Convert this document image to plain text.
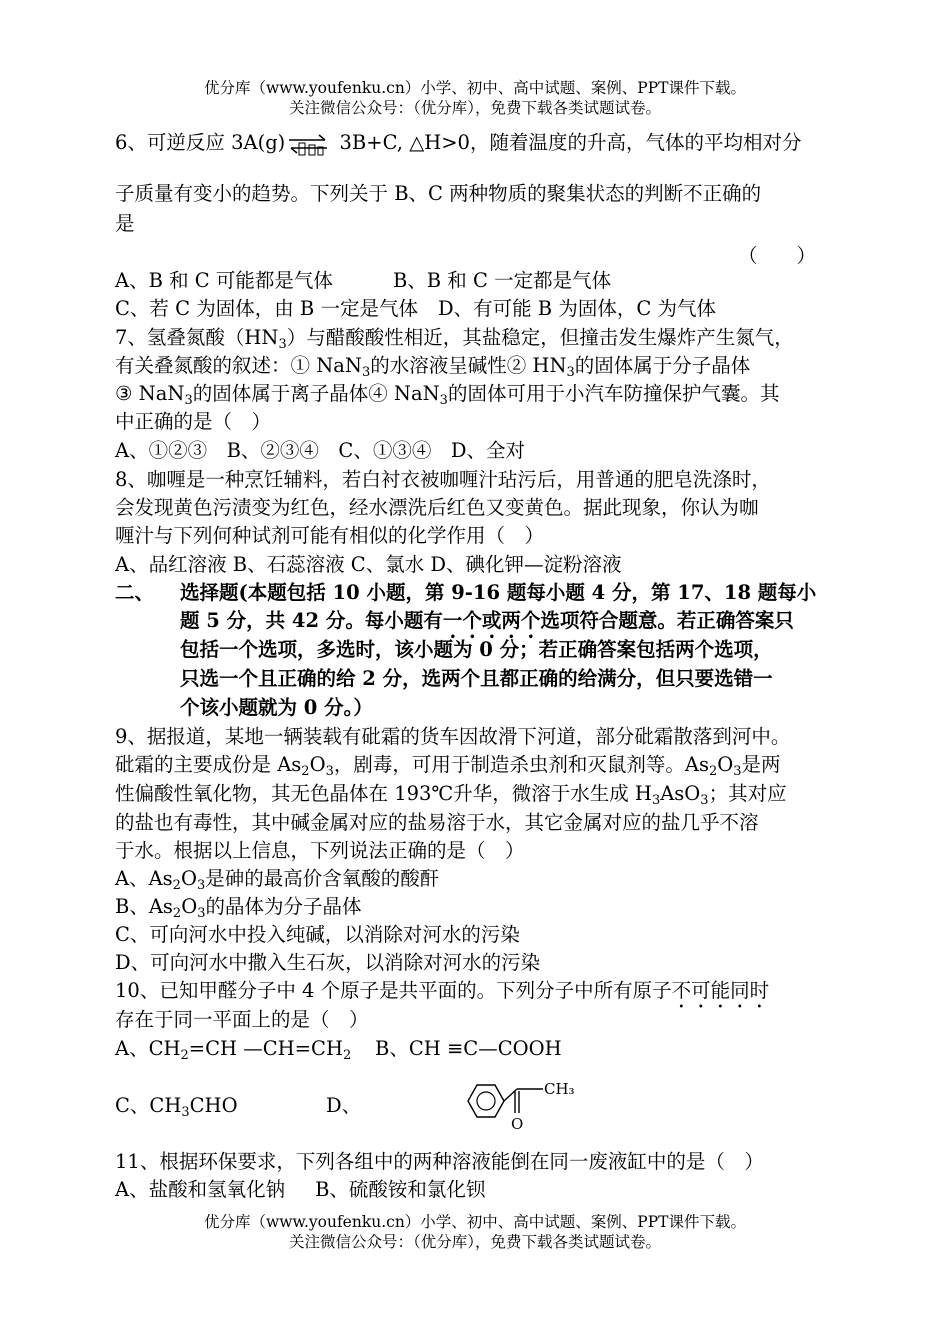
优分库（www.youfenku.cn）小学、初中、高中试题、案例、PPT课件下载。
关注微信公众号：（优分库），免费下载各类试题试卷。
6、可逆反应 3A(g)⇌ 3B+C, △H>0，随着温度的升高，气体的平均相对分
子质量有变小的趋势。下列关于 B、C 两种物质的聚集状态的判断不正确的
是
（　　）
A、B 和 C 可能都是气体	B、B 和 C 一定都是气体
C、若 C 为固体，由 B 一定是气体 D、有可能 B 为固体，C 为气体
7、氢叠氮酸$(HN_3)$与醋酸酸性相近，其盐稳定，但撞击发生爆炸产生氮气，
有关叠氮酸的叙述：① NaN$_3$的水溶液呈碱性② $HN_3$的固体属于分子晶体
③ NaN$_3$的固体属于离子晶体④ NaN$_3$的固体可用于小汽车防撞保护气囊。其
中正确的是（　）
A、①②③　B、②③④　C、①③④　D、全对
8、咖喱是一种烹饪辅料，若白衬衣被咖喱汁玷污后，用普通的肥皂洗涤时，
会发现黄色污渍变为红色，经水漂洗后红色又变黄色。据此现象，你认为咖
喱汁与下列何种试剂可能有相似的化学作用（　）
A、品红溶液 B、石蕊溶液 C、氯水 D、碘化钾—淀粉溶液
二、 选择题(本题包括 10 小题，第 9-16 题每小题 4 分，第 17、18 题每小
题 5 分，共 42 分。每小题有一个或两个选项符合题意。若正确答案只
包括一个选项，多选时，该小题为 0 分；若正确答案包括两个选项，
只选一个且正确的给 2 分，选两个且都正确的给满分，但只要选错一
个该小题就为 0 分。）
9、据报道，某地一辆装载有砒霜的货车因故滑下河道，部分砒霜散落到河中。
砒霜的主要成份是 $As_2O_3$，剧毒，可用于制造杀虫剂和灭鼠剂等。$As_2O_3$是两
性偏酸性氧化物，其无色晶体在 193℃升华，微溶于水生成 $H_3AsO_3$；其对应
的盐也有毒性，其中碱金属对应的盐易溶于水，其它金属对应的盐几乎不溶
于水。根据以上信息，下列说法正确的是（　）
A、$As_2O_3$是砷的最高价含氧酸的酸酐
B、$As_2O_3$的晶体为分子晶体
C、可向河水中投入纯碱，以消除对河水的污染
D、可向河水中撒入生石灰，以消除对河水的污染
10、已知甲醛分子中 4 个原子是共平面的。下列分子中所有原子不可能同时
存在于同一平面上的是（　）
A、$CH_2=CH$ $—CH=CH_2$ B、CH ≡C—COOH
C、$CH_3CHO$	D、
CH₃
O
11、根据环保要求，下列各组中的两种溶液能倒在同一废液缸中的是（　）
A、盐酸和氢氧化钠 B、硫酸铵和氯化钡
优分库（www.youfenku.cn）小学、初中、高中试题、案例、PPT课件下载。
关注微信公众号：（优分库），免费下载各类试题试卷。
